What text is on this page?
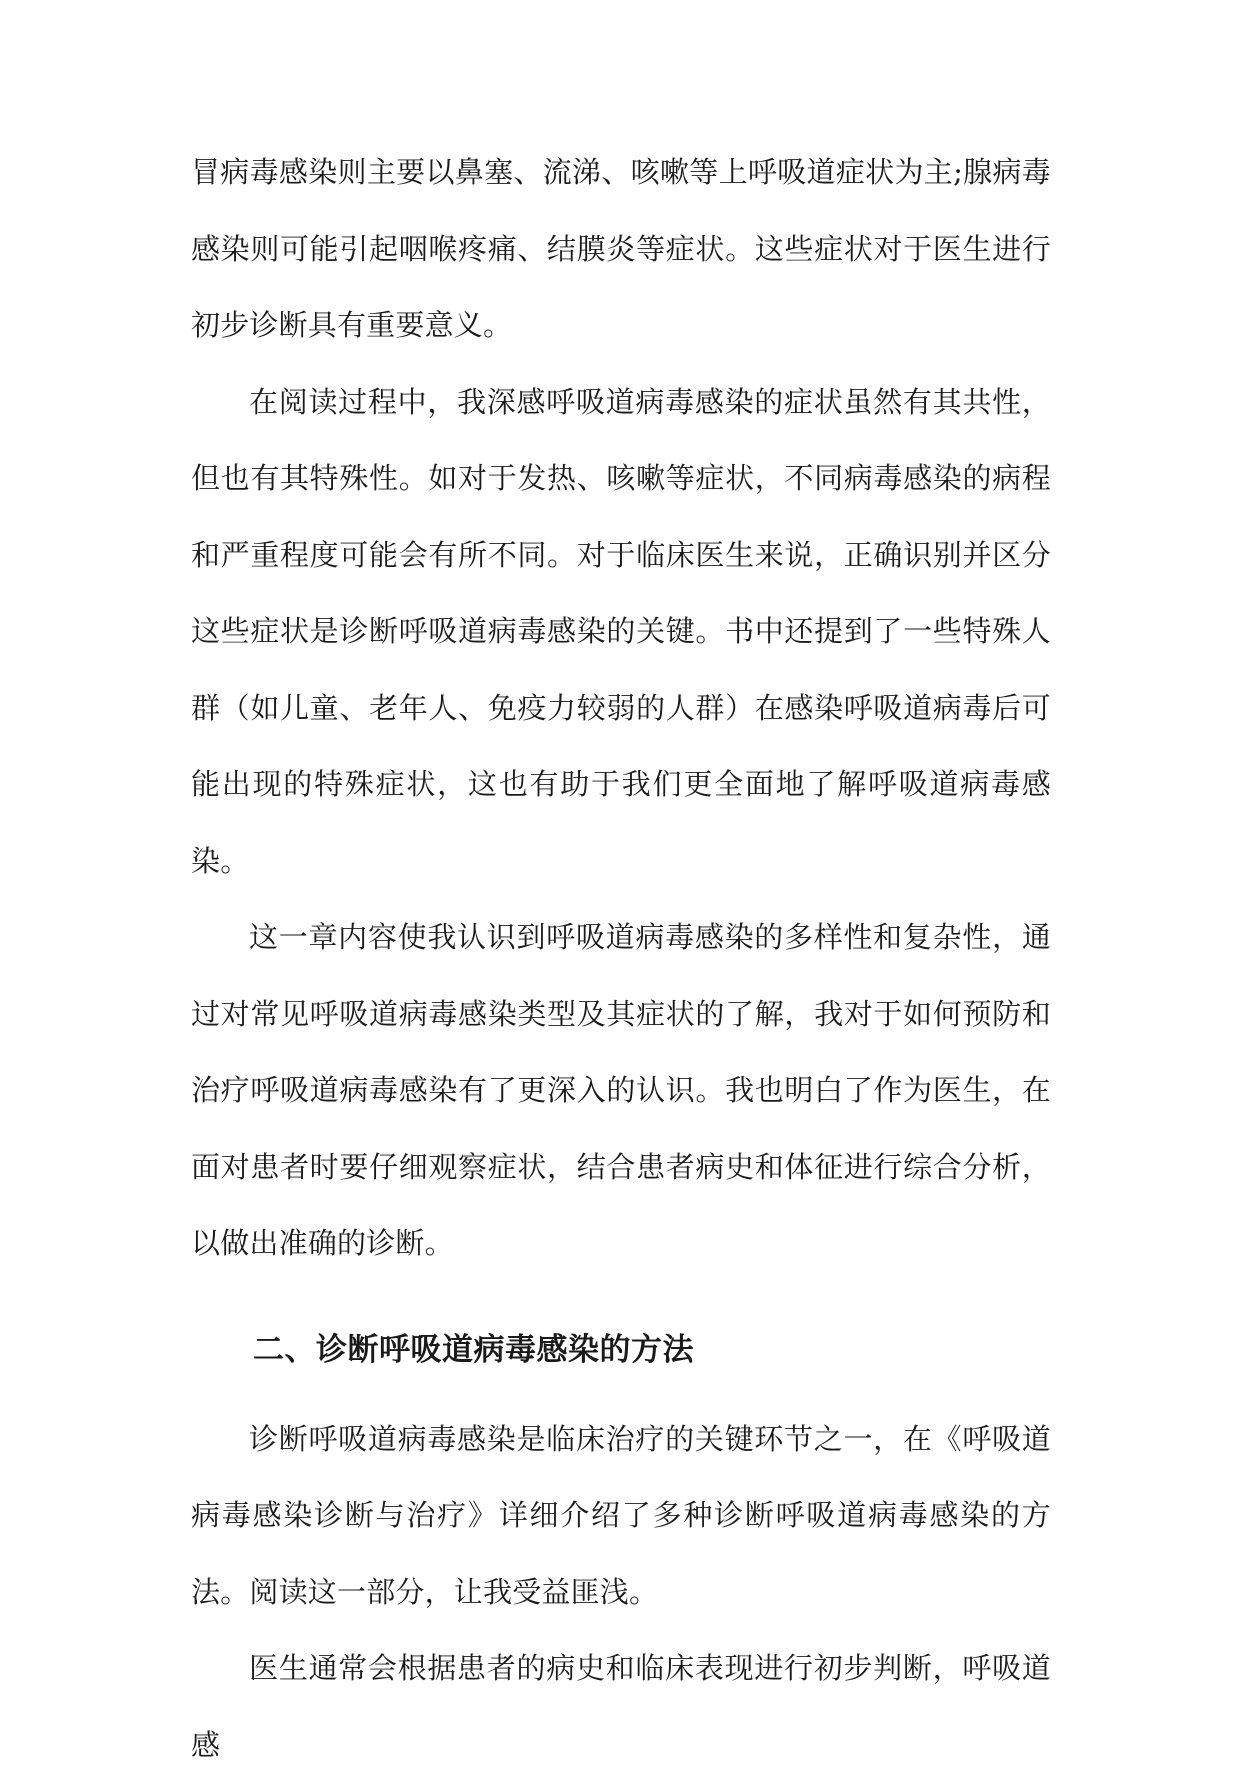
冒病毒感染则主要以鼻塞、流涕、咳嗽等上呼吸道症状为主;腺病毒感染则可能引起咽喉疼痛、结膜炎等症状。这些症状对于医生进行初步诊断具有重要意义。

在阅读过程中，我深感呼吸道病毒感染的症状虽然有其共性，但也有其特殊性。如对于发热、咳嗽等症状，不同病毒感染的病程和严重程度可能会有所不同。对于临床医生来说，正确识别并区分这些症状是诊断呼吸道病毒感染的关键。书中还提到了一些特殊人群（如儿童、老年人、免疫力较弱的人群）在感染呼吸道病毒后可能出现的特殊症状，这也有助于我们更全面地了解呼吸道病毒感染。

这一章内容使我认识到呼吸道病毒感染的多样性和复杂性，通过对常见呼吸道病毒感染类型及其症状的了解，我对于如何预防和治疗呼吸道病毒感染有了更深入的认识。我也明白了作为医生，在面对患者时要仔细观察症状，结合患者病史和体征进行综合分析，以做出准确的诊断。

二、诊断呼吸道病毒感染的方法

诊断呼吸道病毒感染是临床治疗的关键环节之一，在《呼吸道病毒感染诊断与治疗》详细介绍了多种诊断呼吸道病毒感染的方法。阅读这一部分，让我受益匪浅。

医生通常会根据患者的病史和临床表现进行初步判断，呼吸道感
